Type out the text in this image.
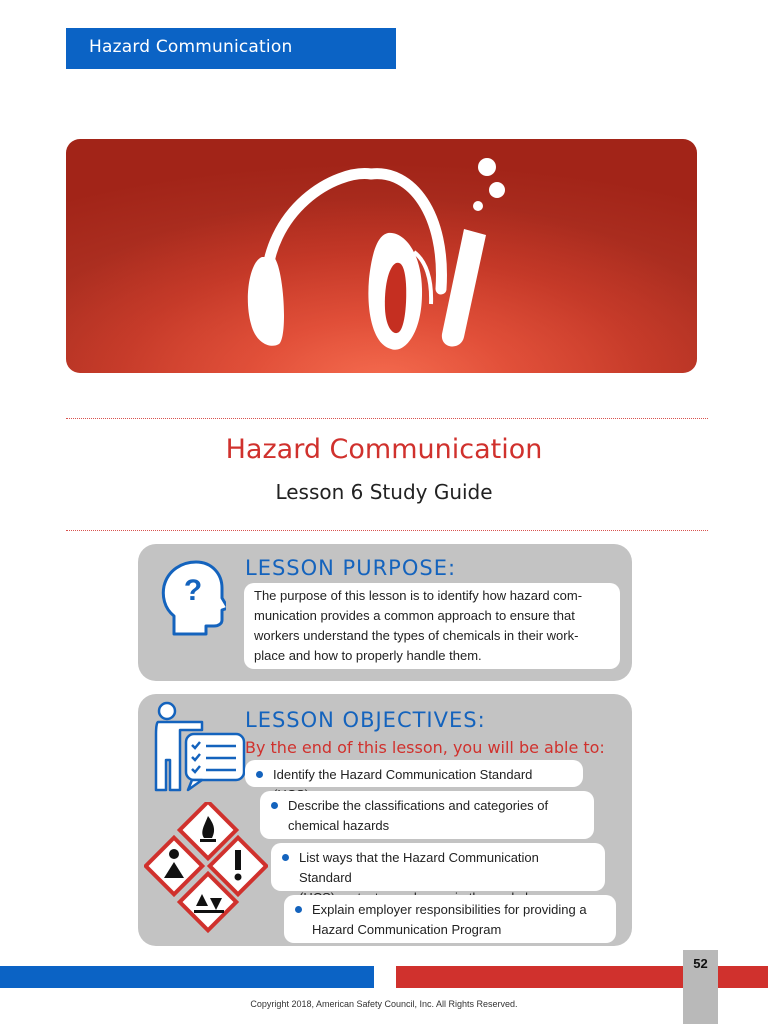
Hazard Communication
Hazard Communication
Lesson 6 Study Guide
?
LESSON PURPOSE:
The purpose of this lesson is to identify how hazard com-
munication provides a common approach to ensure that
workers understand the types of chemicals in their work-
place and how to properly handle them.
LESSON OBJECTIVES:
By the end of this lesson, you will be able to:
Identify the Hazard Communication Standard
Describe the classifications and categories of
chemical hazards
List ways that the Hazard Communication Standard
Explain employer responsibilities for providing a
Hazard Communication Program
52
Copyright 2018, American Safety Council, Inc. All Rights Reserved.
